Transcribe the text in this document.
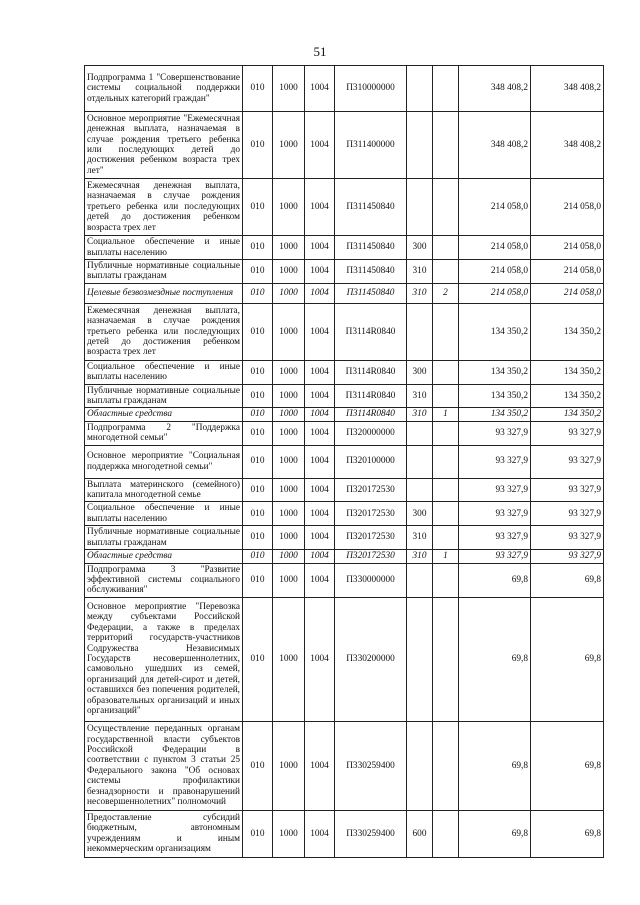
51
Подпрограмма 1 "Совершенствование системы социальной поддержки отдельных категорий граждан"	010	1000	1004	П310000000			348 408,2	348 408,2
Основное мероприятие "Ежемесячная денежная выплата, назначаемая в случае рождения третьего ребенка или последующих детей до достижения ребенком возраста трех лет"	010	1000	1004	П311400000			348 408,2	348 408,2
Ежемесячная денежная выплата, назначаемая в случае рождения третьего ребенка или последующих детей до достижения ребенком возраста трех лет	010	1000	1004	П311450840			214 058,0	214 058,0
Социальное обеспечение и иные выплаты населению	010	1000	1004	П311450840	300		214 058,0	214 058,0
Публичные нормативные социальные выплаты гражданам	010	1000	1004	П311450840	310		214 058,0	214 058,0
Целевые безвозмездные поступления	010	1000	1004	П311450840	310	2	214 058,0	214 058,0
Ежемесячная денежная выплата, назначаемая в случае рождения третьего ребенка или последующих детей до достижения ребенком возраста трех лет	010	1000	1004	П3114R0840			134 350,2	134 350,2
Социальное обеспечение и иные выплаты населению	010	1000	1004	П3114R0840	300		134 350,2	134 350,2
Публичные нормативные социальные выплаты гражданам	010	1000	1004	П3114R0840	310		134 350,2	134 350,2
Областные средства	010	1000	1004	П3114R0840	310	1	134 350,2	134 350,2
Подпрограмма 2 "Поддержка многодетной семьи"	010	1000	1004	П320000000			93 327,9	93 327,9
Основное мероприятие "Социальная поддержка многодетной семьи"	010	1000	1004	П320100000			93 327,9	93 327,9
Выплата материнского (семейного) капитала многодетной семье	010	1000	1004	П320172530			93 327,9	93 327,9
Социальное обеспечение и иные выплаты населению	010	1000	1004	П320172530	300		93 327,9	93 327,9
Публичные нормативные социальные выплаты гражданам	010	1000	1004	П320172530	310		93 327,9	93 327,9
Областные средства	010	1000	1004	П320172530	310	1	93 327,9	93 327,9
Подпрограмма 3 "Развитие эффективной системы социального обслуживания"	010	1000	1004	П330000000			69,8	69,8
Основное мероприятие "Перевозка между субъектами Российской Федерации, а также в пределах территорий государств-участников Содружества Независимых Государств несовершеннолетних, самовольно ушедших из семей, организаций для детей-сирот и детей, оставшихся без попечения родителей, образовательных организаций и иных организаций"	010	1000	1004	П330200000			69,8	69,8
Осуществление переданных органам государственной власти субъектов Российской Федерации в соответствии с пунктом 3 статьи 25 Федерального закона "Об основах системы профилактики безнадзорности и правонарушений несовершеннолетних" полномочий	010	1000	1004	П330259400			69,8	69,8
Предоставление субсидий бюджетным, автономным учреждениям и иным некоммерческим организациям	010	1000	1004	П330259400	600		69,8	69,8
